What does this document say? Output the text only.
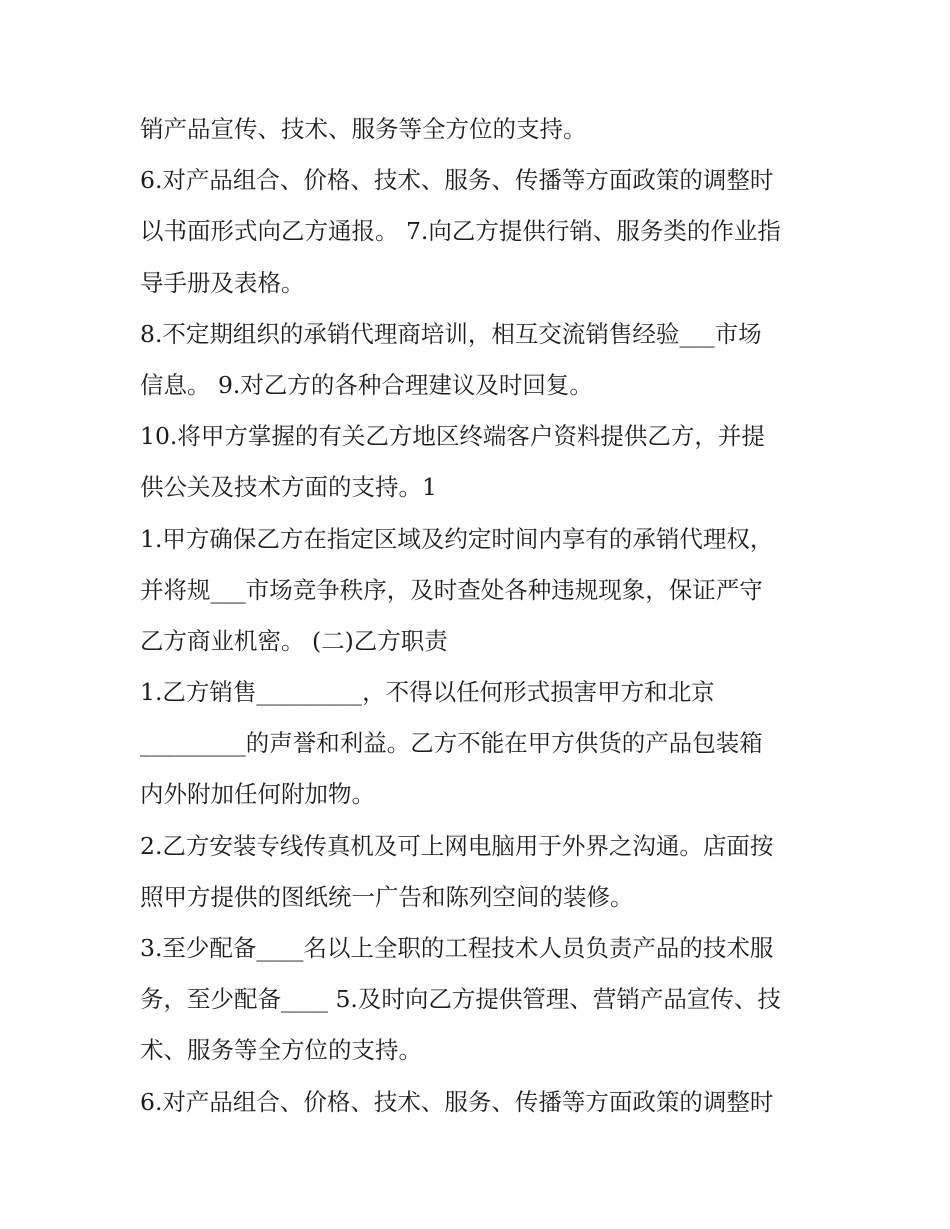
销产品宣传、技术、服务等全方位的支持。
6.对产品组合、价格、技术、服务、传播等方面政策的调整时
以书面形式向乙方通报。 7.向乙方提供行销、服务类的作业指
导手册及表格。
8.不定期组织的承销代理商培训，相互交流销售经验___市场
信息。 9.对乙方的各种合理建议及时回复。
10.将甲方掌握的有关乙方地区终端客户资料提供乙方，并提
供公关及技术方面的支持。1
1.甲方确保乙方在指定区域及约定时间内享有的承销代理权，
并将规___市场竞争秩序，及时查处各种违规现象，保证严守
乙方商业机密。 (二)乙方职责
1.乙方销售_________，不得以任何形式损害甲方和北京
_________的声誉和利益。乙方不能在甲方供货的产品包装箱
内外附加任何附加物。
2.乙方安装专线传真机及可上网电脑用于外界之沟通。店面按
照甲方提供的图纸统一广告和陈列空间的装修。
3.至少配备____名以上全职的工程技术人员负责产品的技术服
务，至少配备____ 5.及时向乙方提供管理、营销产品宣传、技
术、服务等全方位的支持。
6.对产品组合、价格、技术、服务、传播等方面政策的调整时
